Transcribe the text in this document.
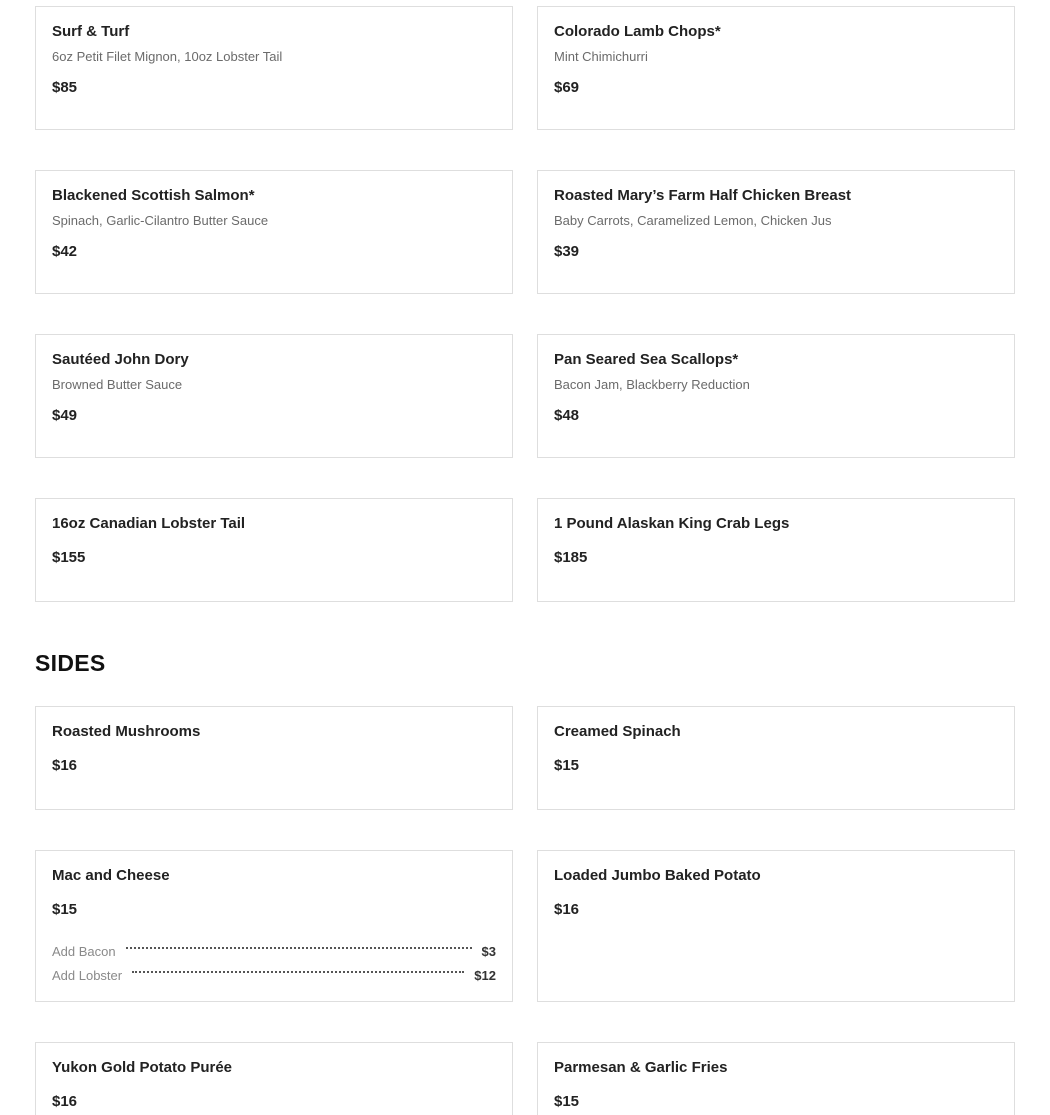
Surf & Turf
6oz Petit Filet Mignon, 10oz Lobster Tail
$85
Colorado Lamb Chops*
Mint Chimichurri
$69
Blackened Scottish Salmon*
Spinach, Garlic-Cilantro Butter Sauce
$42
Roasted Mary’s Farm Half Chicken Breast
Baby Carrots, Caramelized Lemon, Chicken Jus
$39
Sautéed John Dory
Browned Butter Sauce
$49
Pan Seared Sea Scallops*
Bacon Jam, Blackberry Reduction
$48
16oz Canadian Lobster Tail
$155
1 Pound Alaskan King Crab Legs
$185
SIDES
Roasted Mushrooms
$16
Creamed Spinach
$15
Mac and Cheese
$15
Add Bacon	$3
Add Lobster	$12
Loaded Jumbo Baked Potato
$16
Yukon Gold Potato Purée
$16
Parmesan & Garlic Fries
$15
